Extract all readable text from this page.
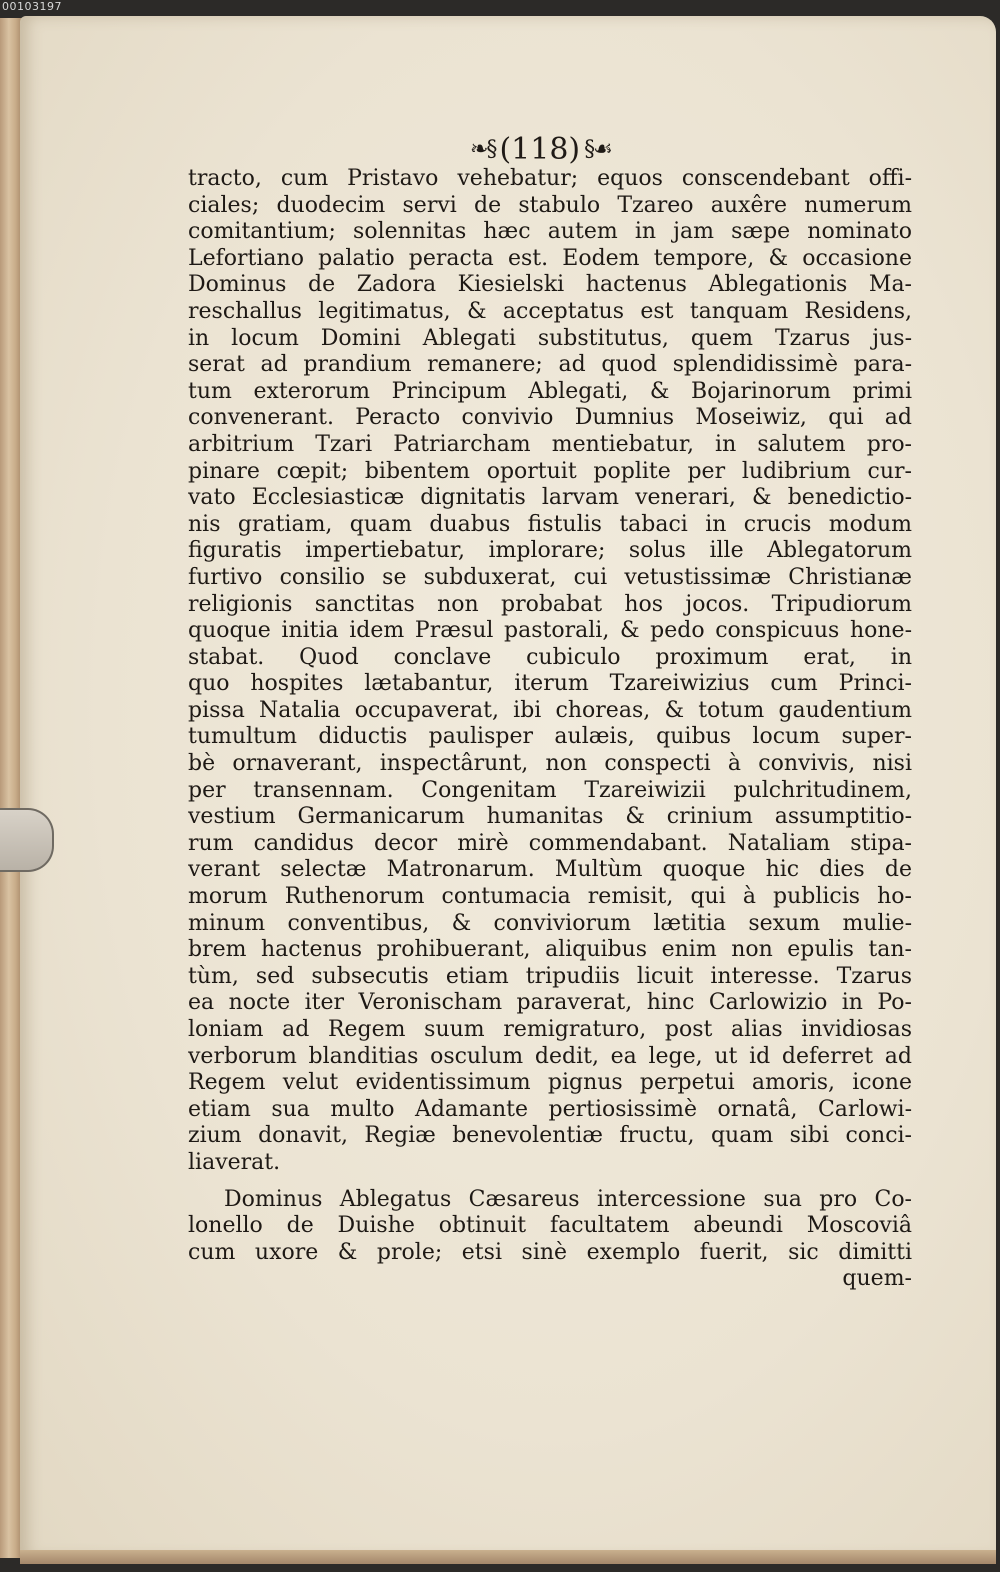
00103197
❧§ (118) §☙
tracto, cum Pristavo vehebatur; equos conscendebant offi-
ciales; duodecim servi de stabulo Tzareo auxêre numerum
comitantium; solennitas hæc autem in jam sæpe nominato
Lefortiano palatio peracta est. Eodem tempore, & occasione
Dominus de Zadora Kiesielski hactenus Ablegationis Ma-
reschallus legitimatus, & acceptatus est tanquam Residens,
in locum Domini Ablegati substitutus, quem Tzarus jus-
serat ad prandium remanere; ad quod splendidissimè para-
tum exterorum Principum Ablegati, & Bojarinorum primi
convenerant. Peracto convivio Dumnius Moseiwiz, qui ad
arbitrium Tzari Patriarcham mentiebatur, in salutem pro-
pinare cœpit; bibentem oportuit poplite per ludibrium cur-
vato Ecclesiasticæ dignitatis larvam venerari, & benedictio-
nis gratiam, quam duabus fistulis tabaci in crucis modum
figuratis impertiebatur, implorare; solus ille Ablegatorum
furtivo consilio se subduxerat, cui vetustissimæ Christianæ
religionis sanctitas non probabat hos jocos. Tripudiorum
quoque initia idem Præsul pastorali, & pedo conspicuus hone-
stabat. Quod conclave cubiculo proximum erat, in
quo hospites lætabantur, iterum Tzareiwizius cum Princi-
pissa Natalia occupaverat, ibi choreas, & totum gaudentium
tumultum diductis paulisper aulæis, quibus locum super-
bè ornaverant, inspectârunt, non conspecti à convivis, nisi
per transennam. Congenitam Tzareiwizii pulchritudinem,
vestium Germanicarum humanitas & crinium assumptitio-
rum candidus decor mirè commendabant. Nataliam stipa-
verant selectæ Matronarum. Multùm quoque hic dies de
morum Ruthenorum contumacia remisit, qui à publicis ho-
minum conventibus, & conviviorum lætitia sexum mulie-
brem hactenus prohibuerant, aliquibus enim non epulis tan-
tùm, sed subsecutis etiam tripudiis licuit interesse. Tzarus
ea nocte iter Veronischam paraverat, hinc Carlowizio in Po-
loniam ad Regem suum remigraturo, post alias invidiosas
verborum blanditias osculum dedit, ea lege, ut id deferret ad
Regem velut evidentissimum pignus perpetui amoris, icone
etiam sua multo Adamante pertiosissimè ornatâ, Carlowi-
zium donavit, Regiæ benevolentiæ fructu, quam sibi conci-
liaverat.
Dominus Ablegatus Cæsareus intercessione sua pro Co-
lonello de Duishe obtinuit facultatem abeundi Moscoviâ
cum uxore & prole; etsi sinè exemplo fuerit, sic dimitti
quem-
